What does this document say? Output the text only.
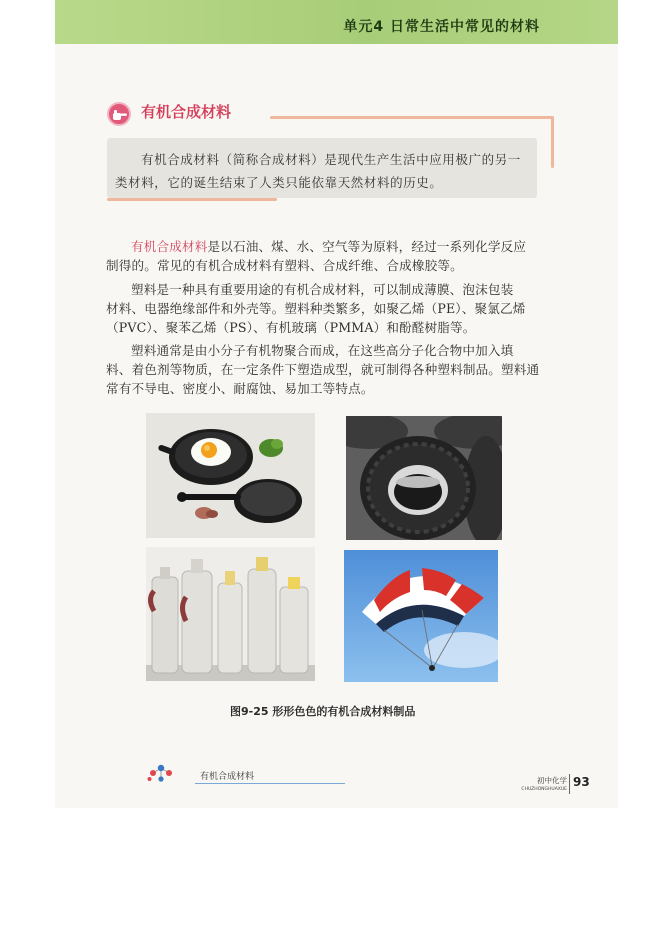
单元4 日常生活中常见的材料
有机合成材料
有机合成材料（简称合成材料）是现代生产生活中应用极广的另一
类材料，它的诞生结束了人类只能依靠天然材料的历史。
有机合成材料是以石油、煤、水、空气等为原料，经过一系列化学反应
制得的。常见的有机合成材料有塑料、合成纤维、合成橡胶等。
塑料是一种具有重要用途的有机合成材料，可以制成薄膜、泡沫包装
材料、电器绝缘部件和外壳等。塑料种类繁多，如聚乙烯（PE）、聚氯乙烯
（PVC）、聚苯乙烯（PS）、有机玻璃（PMMA）和酚醛树脂等。
塑料通常是由小分子有机物聚合而成，在这些高分子化合物中加入填
料、着色剂等物质，在一定条件下塑造成型，就可制得各种塑料制品。塑料通
常有不导电、密度小、耐腐蚀、易加工等特点。
图9-25 形形色色的有机合成材料制品
有机合成材料	初中化学
CHUZHONGHUAXUE
93
